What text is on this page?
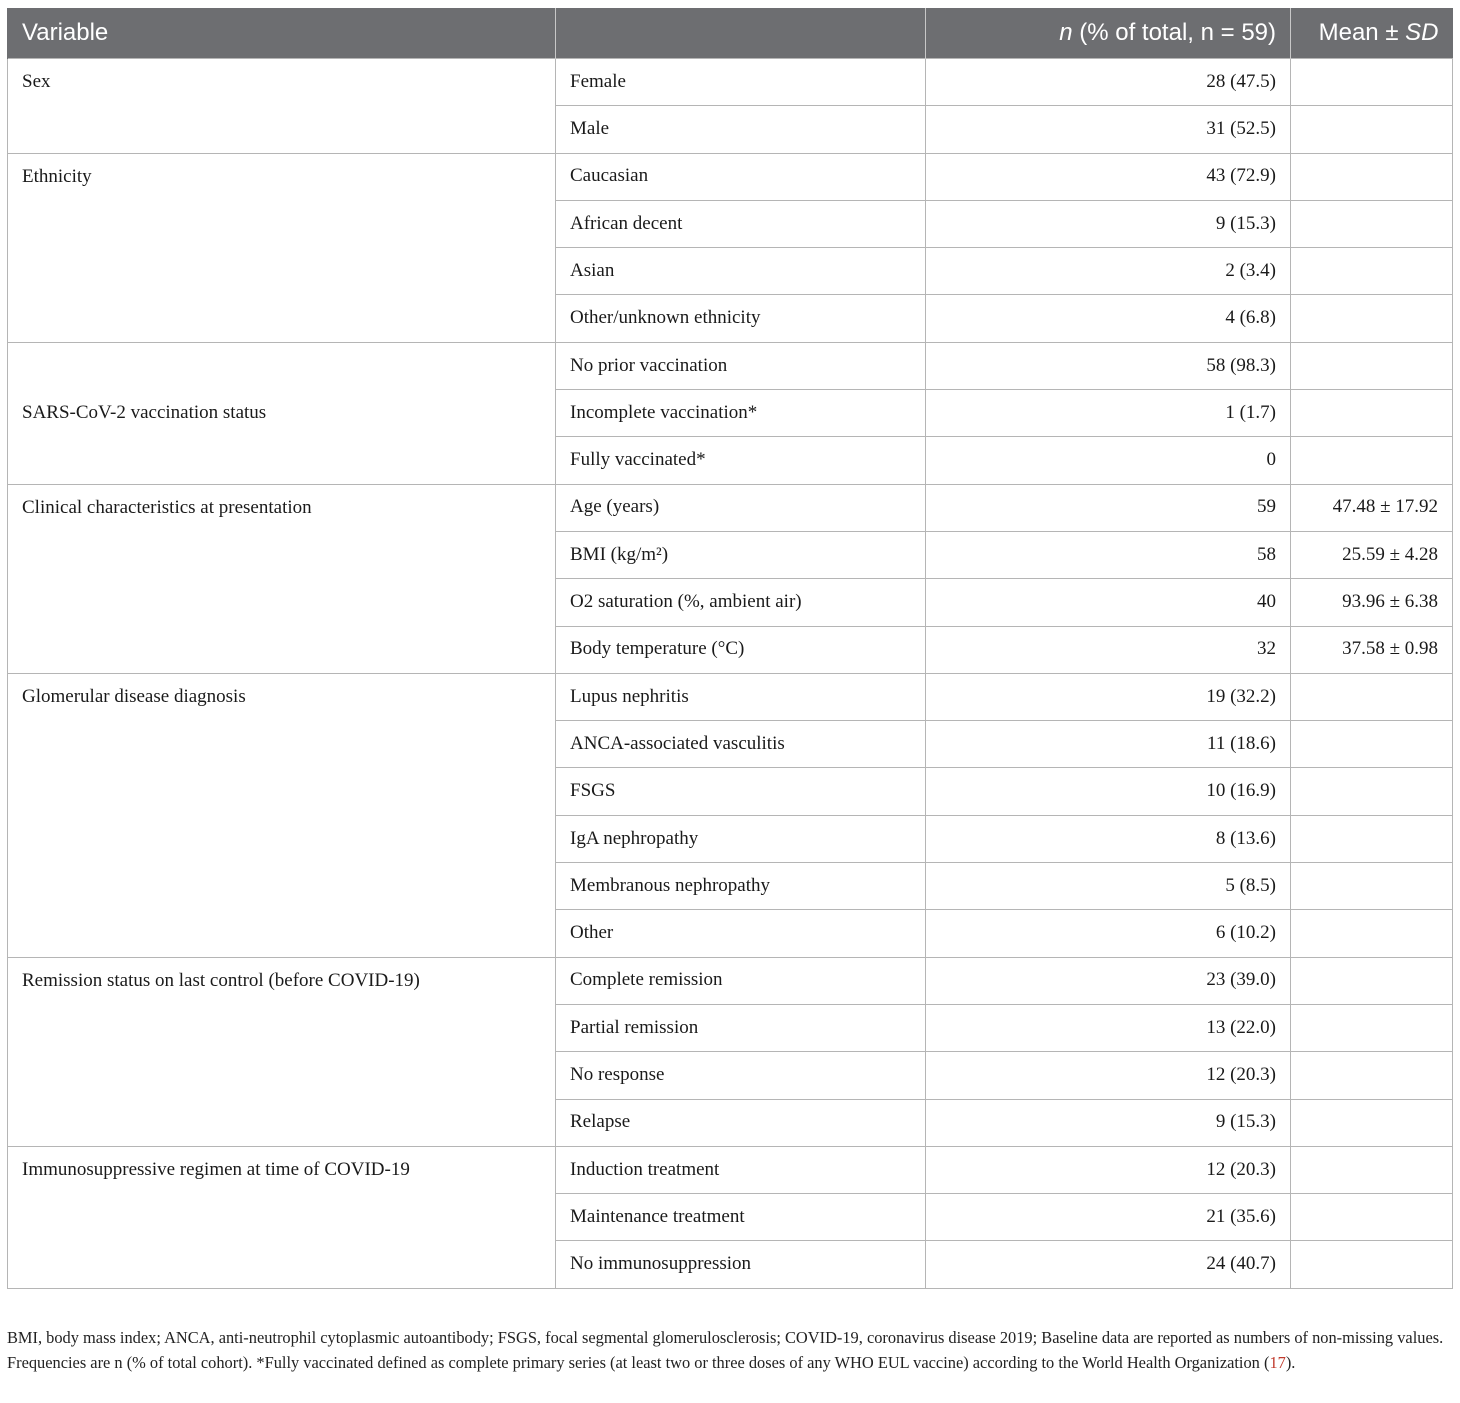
Variable		n (% of total, n = 59)	Mean ± SD
Sex	Female	28 (47.5)	
	Male	31 (52.5)	
Ethnicity	Caucasian	43 (72.9)	
	African decent	9 (15.3)	
	Asian	2 (3.4)	
	Other/unknown ethnicity	4 (6.8)	
SARS-CoV-2 vaccination status	No prior vaccination	58 (98.3)	
	Incomplete vaccination*	1 (1.7)	
	Fully vaccinated*	0	
Clinical characteristics at presentation	Age (years)	59	47.48 ± 17.92
	BMI (kg/m²)	58	25.59 ± 4.28
	O2 saturation (%, ambient air)	40	93.96 ± 6.38
	Body temperature (°C)	32	37.58 ± 0.98
Glomerular disease diagnosis	Lupus nephritis	19 (32.2)	
	ANCA-associated vasculitis	11 (18.6)	
	FSGS	10 (16.9)	
	IgA nephropathy	8 (13.6)	
	Membranous nephropathy	5 (8.5)	
	Other	6 (10.2)	
Remission status on last control (before COVID-19)	Complete remission	23 (39.0)	
	Partial remission	13 (22.0)	
	No response	12 (20.3)	
	Relapse	9 (15.3)	
Immunosuppressive regimen at time of COVID-19	Induction treatment	12 (20.3)	
	Maintenance treatment	21 (35.6)	
	No immunosuppression	24 (40.7)	
BMI, body mass index; ANCA, anti-neutrophil cytoplasmic autoantibody; FSGS, focal segmental glomerulosclerosis; COVID-19, coronavirus disease 2019; Baseline data are reported as numbers of non-missing values. Frequencies are n (% of total cohort). *Fully vaccinated defined as complete primary series (at least two or three doses of any WHO EUL vaccine) according to the World Health Organization (17).
